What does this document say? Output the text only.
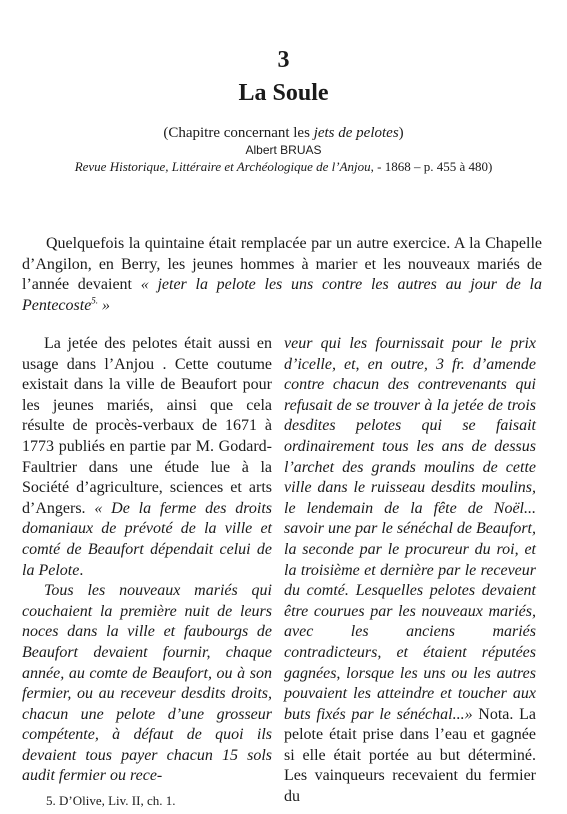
3
La Soule
(Chapitre concernant les jets de pelotes)
Albert BRUAS
Revue Historique, Littéraire et Archéologique de l’Anjou, - 1868 – p. 455 à 480)

Quelquefois la quintaine était remplacée par un autre exercice. A la Chapelle d’Angilon, en Berry, les jeunes hommes à marier et les nouveaux mariés de l’année devaient « jeter la pelote les uns contre les autres au jour de la Pentecoste$^{5.}$ »

La jetée des pelotes était aussi en usage dans l’Anjou . Cette coutume existait dans la ville de Beaufort pour les jeunes mariés, ainsi que cela résulte de procès-verbaux de 1671 à 1773 publiés en partie par M. Godard-Faultrier dans une étude lue à la Société d’agriculture, sciences et arts d’Angers. « De la ferme des droits domaniaux de prévoté de la ville et comté de Beaufort dépendait celui de la Pelote.

Tous les nouveaux mariés qui couchaient la première nuit de leurs noces dans la ville et faubourgs de Beaufort devaient fournir, chaque année, au comte de Beaufort, ou à son fermier, ou au receveur desdits droits, chacun une pelote d’une grosseur compétente, à défaut de quoi ils devaient tous payer chacun 15 sols audit fermier ou rece-

veur qui les fournissait pour le prix d’icelle, et, en outre, 3 fr. d’amende contre chacun des contrevenants qui refusait de se trouver à la jetée de trois desdites pelotes qui se faisait ordinairement tous les ans de dessus l’archet des grands moulins de cette ville dans le ruisseau desdits moulins, le lendemain de la fête de Noël... savoir une par le sénéchal de Beaufort, la seconde par le procureur du roi, et la troisième et dernière par le receveur du comté. Lesquelles pelotes devaient être courues par les nouveaux mariés, avec les anciens mariés contradicteurs, et étaient réputées gagnées, lorsque les uns ou les autres pouvaient les atteindre et toucher aux buts fixés par le sénéchal...» Nota. La pelote était prise dans l’eau et gagnée si elle était portée au but déterminé. Les vainqueurs recevaient du fermier du

5. D’Olive, Liv. II, ch. 1.
